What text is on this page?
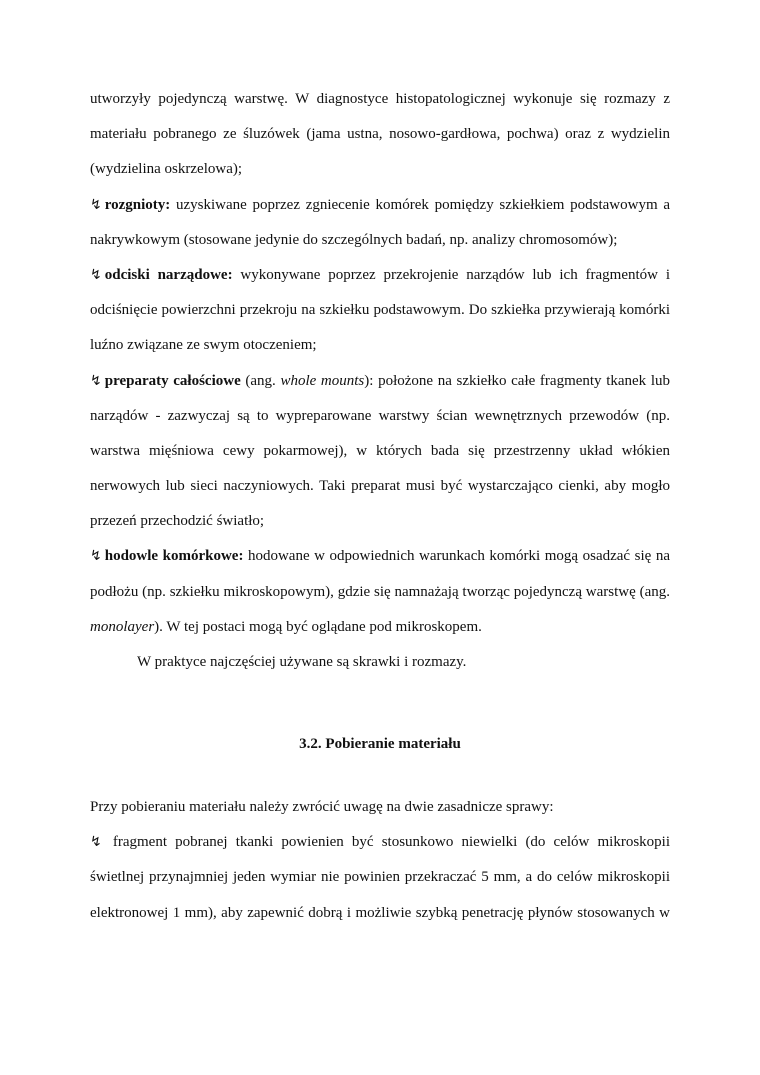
utworzyły pojedynczą warstwę. W diagnostyce histopatologicznej wykonuje się rozmazy z
materiału pobranego ze śluzówek (jama ustna, nosowo-gardłowa, pochwa) oraz z wydzielin
(wydzielina oskrzelowa);
↯ rozgnioty: uzyskiwane poprzez zgniecenie komórek pomiędzy szkiełkiem podstawowym a
nakrywkowym (stosowane jedynie do szczególnych badań, np. analizy chromosomów);
↯ odciski narządowe: wykonywane poprzez przekrojenie narządów lub ich fragmentów i
odciśnięcie powierzchni przekroju na szkiełku podstawowym. Do szkiełka przywierają komórki
luźno związane ze swym otoczeniem;
↯ preparaty całościowe (ang. whole mounts): położone na szkiełko całe fragmenty tkanek lub
narządów - zazwyczaj są to wypreparowane warstwy ścian wewnętrznych przewodów (np.
warstwa mięśniowa cewy pokarmowej), w których bada się przestrzenny układ włókien
nerwowych lub sieci naczyniowych. Taki preparat musi być wystarczająco cienki, aby mogło
przezeń przechodzić światło;
↯ hodowle komórkowe: hodowane w odpowiednich warunkach komórki mogą osadzać się na
podłożu (np. szkiełku mikroskopowym), gdzie się namnażają tworząc pojedynczą warstwę (ang.
monolayer). W tej postaci mogą być oglądane pod mikroskopem.
W praktyce najczęściej używane są skrawki i rozmazy.
3.2. Pobieranie materiału
Przy pobieraniu materiału należy zwrócić uwagę na dwie zasadnicze sprawy:
↯ fragment pobranej tkanki powienien być stosunkowo niewielki (do celów mikroskopii
świetlnej przynajmniej jeden wymiar nie powinien przekraczać 5 mm, a do celów mikroskopii
elektronowej 1 mm), aby zapewnić dobrą i możliwie szybką penetrację płynów stosowanych w
